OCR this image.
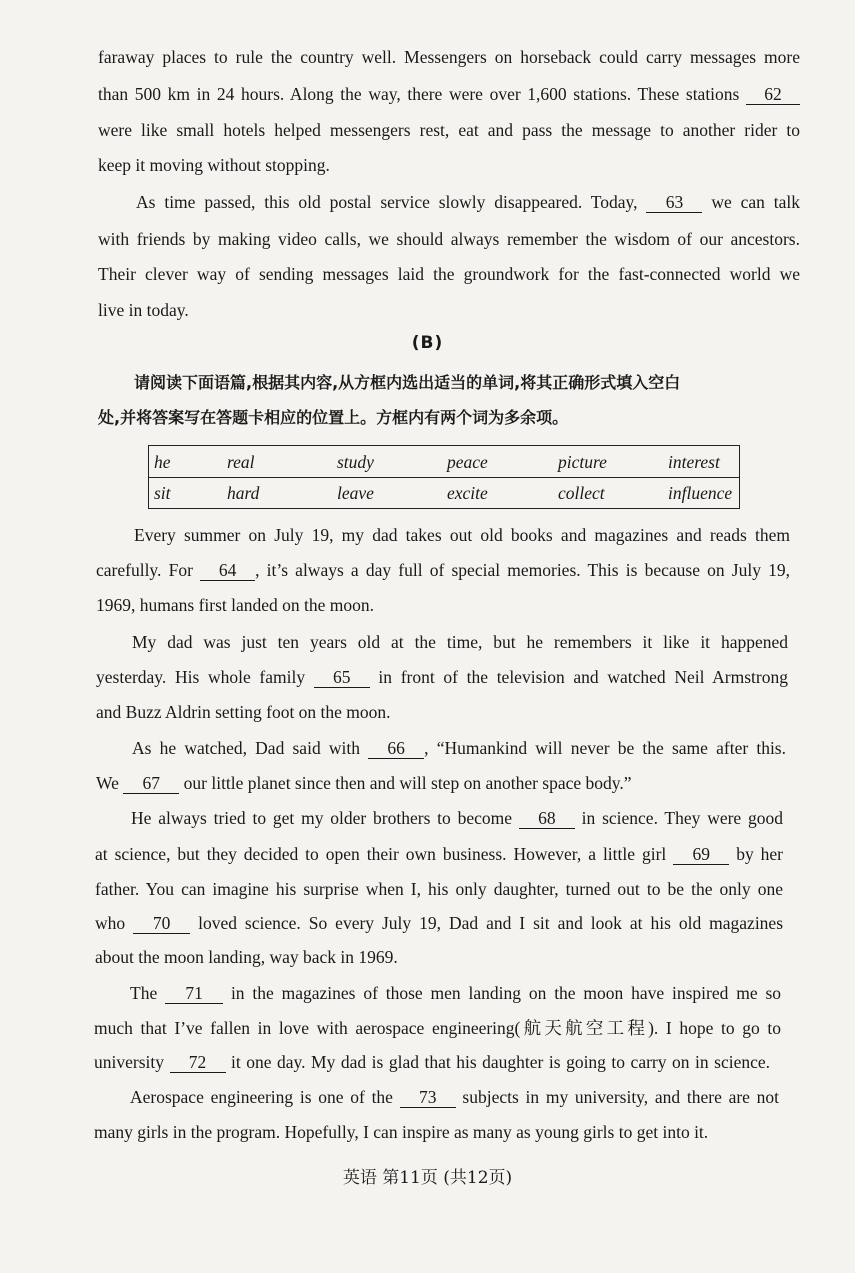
faraway places to rule the country well. Messengers on horseback could carry messages more
than 500 km in 24 hours. Along the way, there were over 1,600 stations. These stations 62
were like small hotels helped messengers rest, eat and pass the message to another rider to
keep it moving without stopping.
As time passed, this old postal service slowly disappeared. Today, 63 we can talk
with friends by making video calls, we should always remember the wisdom of our ancestors.
Their clever way of sending messages laid the groundwork for the fast-connected world we
live in today.
(B)
请阅读下面语篇,根据其内容,从方框内选出适当的单词,将其正确形式填入空白
处,并将答案写在答题卡相应的位置上。方框内有两个词为多余项。
he	real	study	peace	picture	interest
sit	hard	leave	excite	collect	influence
Every summer on July 19, my dad takes out old books and magazines and reads them
carefully. For 64 , it’s always a day full of special memories. This is because on July 19,
1969, humans first landed on the moon.
My dad was just ten years old at the time, but he remembers it like it happened
yesterday. His whole family 65 in front of the television and watched Neil Armstrong
and Buzz Aldrin setting foot on the moon.
As he watched, Dad said with 66 , “Humankind will never be the same after this.
We 67 our little planet since then and will step on another space body.”
He always tried to get my older brothers to become 68 in science. They were good
at science, but they decided to open their own business. However, a little girl 69 by her
father. You can imagine his surprise when I, his only daughter, turned out to be the only one
who 70 loved science. So every July 19, Dad and I sit and look at his old magazines
about the moon landing, way back in 1969.
The 71 in the magazines of those men landing on the moon have inspired me so
much that I’ve fallen in love with aerospace engineering(航天航空工程). I hope to go to
university 72 it one day. My dad is glad that his daughter is going to carry on in science.
Aerospace engineering is one of the 73 subjects in my university, and there are not
many girls in the program. Hopefully, I can inspire as many as young girls to get into it.
英语 第11页 (共12页)
